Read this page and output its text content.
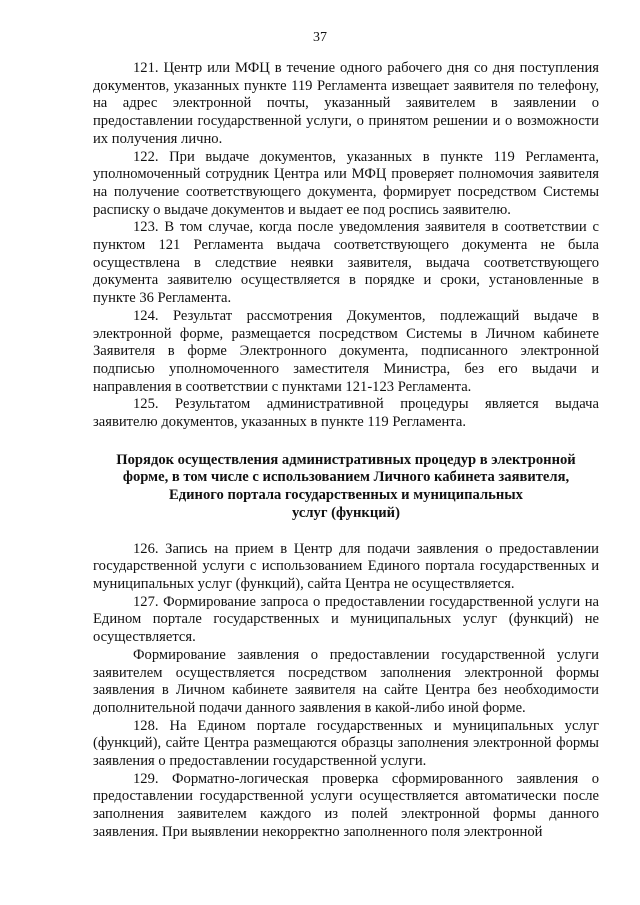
37

121. Центр или МФЦ в течение одного рабочего дня со дня поступления документов, указанных пункте 119 Регламента извещает заявителя по телефону, на адрес электронной почты, указанный заявителем в заявлении о предоставлении государственной услуги, о принятом решении и о возможности их получения лично.

122. При выдаче документов, указанных в пункте 119 Регламента, уполномоченный сотрудник Центра или МФЦ проверяет полномочия заявителя на получение соответствующего документа, формирует посредством Системы расписку о выдаче документов и выдает ее под роспись заявителю.

123. В том случае, когда после уведомления заявителя в соответствии с пунктом 121 Регламента выдача соответствующего документа не была осуществлена в следствие неявки заявителя, выдача соответствующего документа заявителю осуществляется в порядке и сроки, установленные в пункте 36 Регламента.

124. Результат рассмотрения Документов, подлежащий выдаче в электронной форме, размещается посредством Системы в Личном кабинете Заявителя в форме Электронного документа, подписанного электронной подписью уполномоченного заместителя Министра, без его выдачи и направления в соответствии с пунктами 121-123 Регламента.

125. Результатом административной процедуры является выдача заявителю документов, указанных в пункте 119 Регламента.

Порядок осуществления административных процедур в электронной
форме, в том числе с использованием Личного кабинета заявителя,
Единого портала государственных и муниципальных
услуг (функций)

126. Запись на прием в Центр для подачи заявления о предоставлении государственной услуги с использованием Единого портала государственных и муниципальных услуг (функций), сайта Центра не осуществляется.

127. Формирование запроса о предоставлении государственной услуги на Едином портале государственных и муниципальных услуг (функций) не осуществляется.

Формирование заявления о предоставлении государственной услуги заявителем осуществляется посредством заполнения электронной формы заявления в Личном кабинете заявителя на сайте Центра без необходимости дополнительной подачи данного заявления в какой-либо иной форме.

128. На Едином портале государственных и муниципальных услуг (функций), сайте Центра размещаются образцы заполнения электронной формы заявления о предоставлении государственной услуги.

129. Форматно-логическая проверка сформированного заявления о предоставлении государственной услуги осуществляется автоматически после заполнения заявителем каждого из полей электронной формы данного заявления. При выявлении некорректно заполненного поля электронной
